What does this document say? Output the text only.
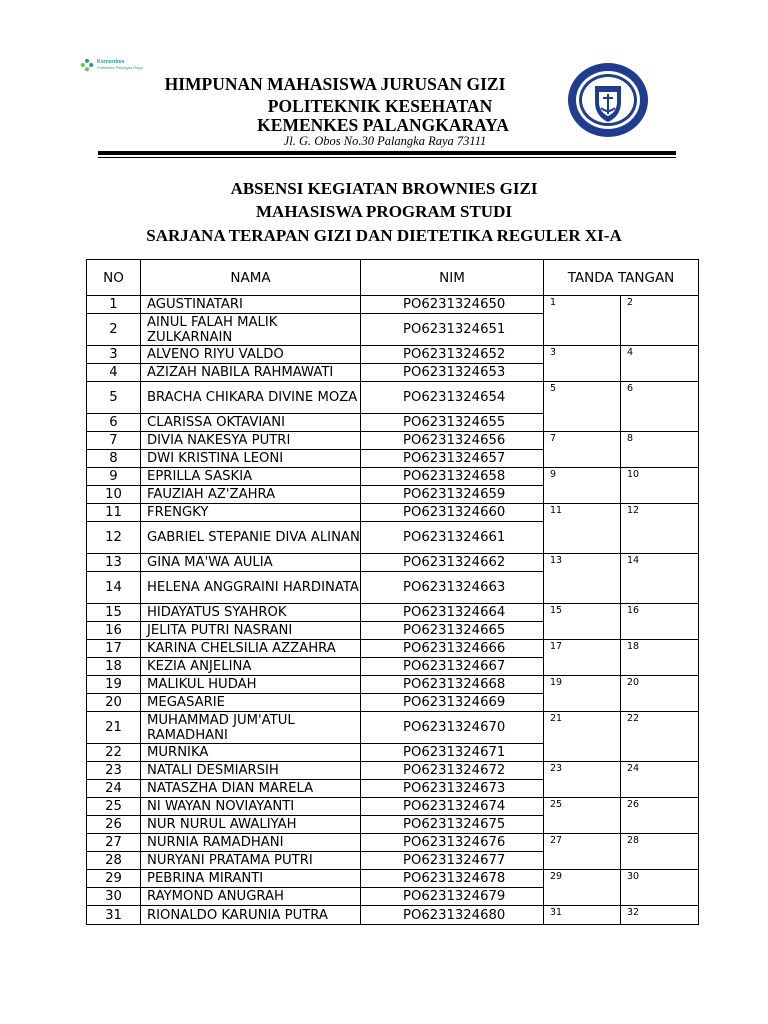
Kemenkes
Poltekkes Palangka Raya
HIMPUNAN MAHASISWA JURUSAN GIZI
POLITEKNIK KESEHATAN
KEMENKES PALANGKARAYA
Jl. G. Obos No.30 Palangka Raya 73111
ABSENSI KEGIATAN BROWNIES GIZI
MAHASISWA PROGRAM STUDI
SARJANA TERAPAN GIZI DAN DIETETIKA REGULER XI-A
NO	NAMA	NIM	TANDA TANGAN	
1	AGUSTINATARI	PO6231324650	1	2
2	AINUL FALAH MALIK ZULKARNAIN	PO6231324651		
3	ALVENO RIYU VALDO	PO6231324652	3	4
4	AZIZAH NABILA RAHMAWATI	PO6231324653		
5	BRACHA CHIKARA DIVINE MOZA	PO6231324654	5	6
6	CLARISSA OKTAVIANI	PO6231324655		
7	DIVIA NAKESYA PUTRI	PO6231324656	7	8
8	DWI KRISTINA LEONI	PO6231324657		
9	EPRILLA SASKIA	PO6231324658	9	10
10	FAUZIAH AZ'ZAHRA	PO6231324659		
11	FRENGKY	PO6231324660	11	12
12	GABRIEL STEPANIE DIVA ALINAN	PO6231324661		
13	GINA MA'WA AULIA	PO6231324662	13	14
14	HELENA ANGGRAINI HARDINATA	PO6231324663		
15	HIDAYATUS SYAHROK	PO6231324664	15	16
16	JELITA PUTRI NASRANI	PO6231324665		
17	KARINA CHELSILIA AZZAHRA	PO6231324666	17	18
18	KEZIA ANJELINA	PO6231324667		
19	MALIKUL HUDAH	PO6231324668	19	20
20	MEGASARIE	PO6231324669		
21	MUHAMMAD JUM'ATUL RAMADHANI	PO6231324670	21	22
22	MURNIKA	PO6231324671		
23	NATALI DESMIARSIH	PO6231324672	23	24
24	NATASZHA DIAN MARELA	PO6231324673		
25	NI WAYAN NOVIAYANTI	PO6231324674	25	26
26	NUR NURUL AWALIYAH	PO6231324675		
27	NURNIA RAMADHANI	PO6231324676	27	28
28	NURYANI PRATAMA PUTRI	PO6231324677		
29	PEBRINA MIRANTI	PO6231324678	29	30
30	RAYMOND ANUGRAH	PO6231324679		
31	RIONALDO KARUNIA PUTRA	PO6231324680	31	32
